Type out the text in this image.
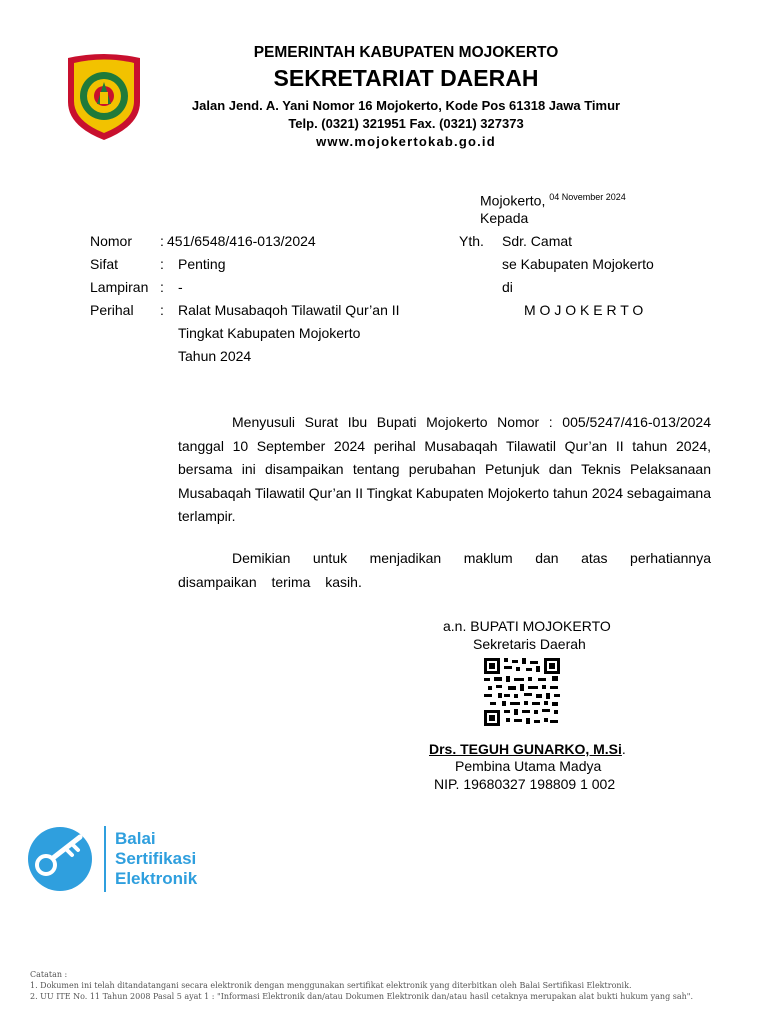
PEMERINTAH KABUPATEN MOJOKERTO
SEKRETARIAT DAERAH
Jalan Jend. A. Yani Nomor 16 Mojokerto, Kode Pos 61318 Jawa Timur
Telp. (0321) 321951 Fax. (0321) 327373
www.mojokertokab.go.id
Mojokerto, $^{04 November 2024}$
Kepada
Yth. Sdr. Camat
se Kabupaten Mojokerto
di
M O J O K E R T O
Nomor : 451/6548/416-013/2024
Sifat	: Penting
Lampiran : -
Perihal : Ralat Musabaqoh Tilawatil Qur’an II
Tingkat Kabupaten Mojokerto
Tahun 2024

Menyusuli Surat Ibu Bupati Mojokerto Nomor : 005/5247/416-013/2024 tanggal 10 September 2024 perihal Musabaqah Tilawatil Qur’an II tahun 2024, bersama ini disampaikan tentang perubahan Petunjuk dan Teknis Pelaksanaan Musabaqah Tilawatil Qur’an II Tingkat Kabupaten Mojokerto tahun 2024 sebagaimana terlampir.

Demikian untuk menjadikan maklum dan atas perhatiannya disampaikan terima kasih.

a.n. BUPATI MOJOKERTO
Sekretaris Daerah
Drs. TEGUH GUNARKO, M.Si.
Pembina Utama Madya
NIP. 19680327 198809 1 002
Balai
Sertifikasi
Elektronik
Catatan :
1. Dokumen ini telah ditandatangani secara elektronik dengan menggunakan sertifikat elektronik yang diterbitkan oleh Balai Sertifikasi Elektronik.
2. UU ITE No. 11 Tahun 2008 Pasal 5 ayat 1 : "Informasi Elektronik dan/atau Dokumen Elektronik dan/atau hasil cetaknya merupakan alat bukti hukum yang sah".
